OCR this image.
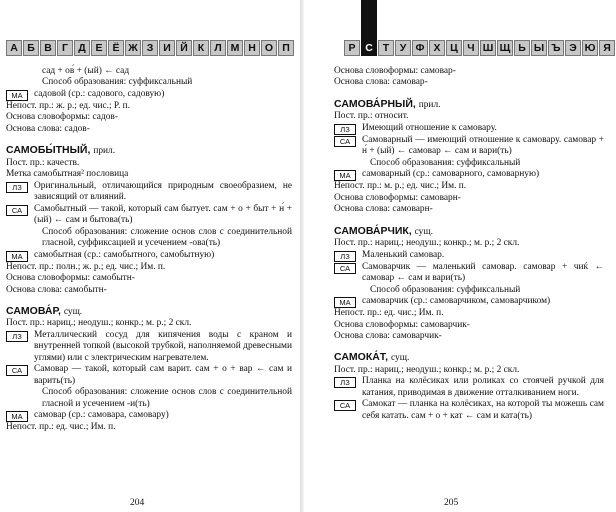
А Б В Г Д Е Ё Ж З И Й К Л М Н О П
сад + ов́ + (ый) ← сад
Способ образования: суффиксальный
МА	садовой (ср.: садового, садовую)
Непост. пр.: ж. р.; ед. чис.; Р. п.
Основа словоформы: садов-
Основа слова: садов-
САМОБЫ́ТНЫЙ, прил.
Пост. пр.: качеств.
Метка самобытная² пословица
ЛЗ	Оригинальный, отличающийся природным своеобразием, не зависящий от влияний.
СА	Самобытный — такой, который сам бытует. сам + о + быт + н́ + (ый) ← сам и бытова(ть)
Способ образования: сложение основ слов с соединительной гласной, суффиксацией и усечением -ова(ть)
МА	самобытная (ср.: самобытного, самобытную)
Непост. пр.: полн.; ж. р.; ед. чис.; Им. п.
Основа словоформы: самобытн-
Основа слова: самобытн-
САМОВА́Р, сущ.
Пост. пр.: нариц.; неодуш.; конкр.; м. р.; 2 скл.
ЛЗ	Металлический сосуд для кипячения воды с краном и внутренней топкой (высокой трубкой, наполняемой древесными углями) или с электрическим нагревателем.
СА	Самовар — такой, который сам варит. сам + о + вар ← сам и варить(ть)
Способ образования: сложение основ слов с соединительной гласной и усечением -и(ть)
МА	самовар (ср.: самовара, самовару)
Непост. пр.: ед. чис.; Им. п.
204
Р С Т	У Ф Х Ц Ч Ш Щ Ь Ы Ъ Э Ю Я
Основа словоформы: самовар-
Основа слова: самовар-
САМОВА́РНЫЙ, прил.
Пост. пр.: относит.
ЛЗ	Имеющий отношение к самовару.
СА	Самоварный — имеющий отношение к самовару. самовар + н́ + (ый) ← самовар ← сам и вари(ть)
Способ образования: суффиксальный
МА	самоварный (ср.: самоварного, самоварную)
Непост. пр.: м. р.; ед. чис.; Им. п.
Основа словоформы: самоварн-
Основа слова: самоварн-
САМОВА́РЧИК, сущ.
Пост. пр.: нариц.; неодуш.; конкр.; м. р.; 2 скл.
ЛЗ	Маленький самовар.
СА	Самоварчик — маленький самовар. самовар + чиќ ← самовар ← сам и вари(ть)
Способ образования: суффиксальный
МА	самоварчик (ср.: самоварчиком, самоварчиком)
Непост. пр.: ед. чис.; Им. п.
Основа словоформы: самоварчик-
Основа слова: самоварчик-
САМОКА́Т, сущ.
Пост. пр.: нариц.; неодуш.; конкр.; м. р.; 2 скл.
ЛЗ	Планка на колёсиках или роликах со стоячей ручкой для катания, приводимая в движение отталкиванием ноги.
СА	Самокат — планка на колёсиках, на которой ты можешь сам себя катать. сам + о + кат ← сам и ката(ть)
205
